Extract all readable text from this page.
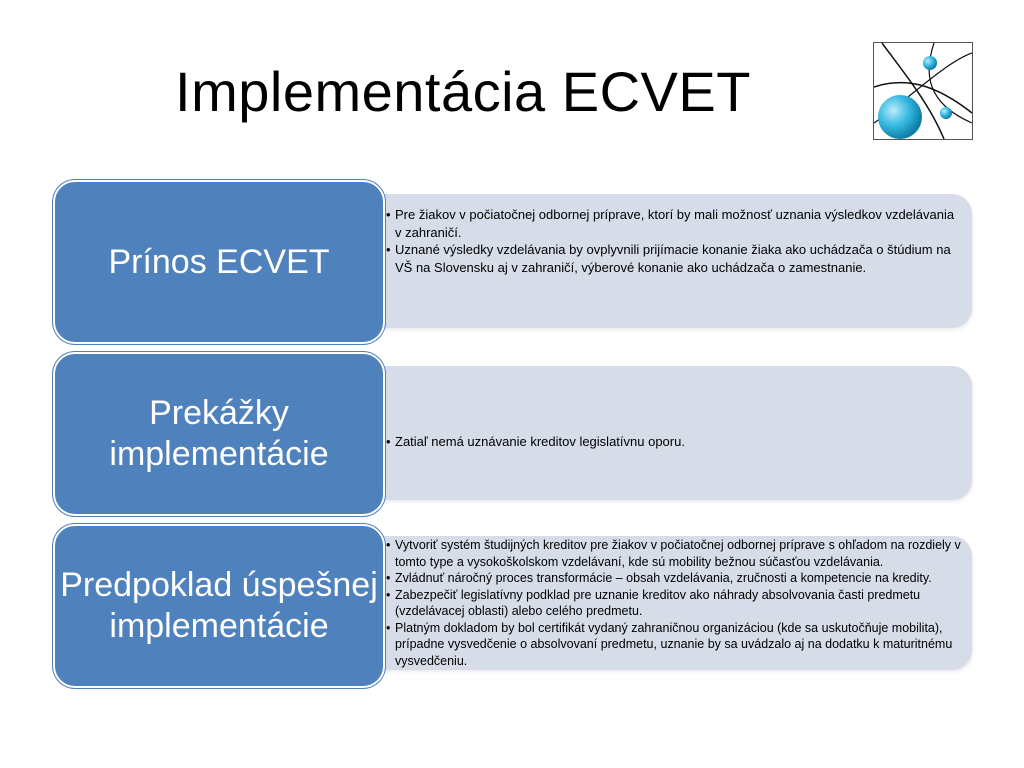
Implementácia ECVET
Prínos ECVET
• Pre žiakov v počiatočnej odbornej príprave, ktorí by mali možnosť uznania výsledkov vzdelávania v zahraničí.
• Uznané výsledky vzdelávania by ovplyvnili prijímacie konanie žiaka ako uchádzača o štúdium na VŠ na Slovensku aj v zahraničí, výberové konanie ako uchádzača o zamestnanie.
Prekážky implementácie
•	Zatiaľ nemá uznávanie kreditov legislatívnu oporu.
Predpoklad úspešnej implementácie
• Vytvoriť systém študijných kreditov pre žiakov v počiatočnej odbornej príprave s ohľadom na rozdiely v tomto type a vysokoškolskom vzdelávaní, kde sú mobility bežnou súčasťou vzdelávania.
• Zvládnuť náročný proces transformácie – obsah vzdelávania, zručnosti a kompetencie na kredity.
• Zabezpečiť legislatívny podklad pre uznanie kreditov ako náhrady absolvovania časti predmetu (vzdelávacej oblasti) alebo celého predmetu.
• Platným dokladom by bol certifikát vydaný zahraničnou organizáciou (kde sa uskutočňuje mobilita), prípadne vysvedčenie o absolvovaní predmetu, uznanie by sa uvádzalo aj na dodatku k maturitnému vysvedčeniu.
